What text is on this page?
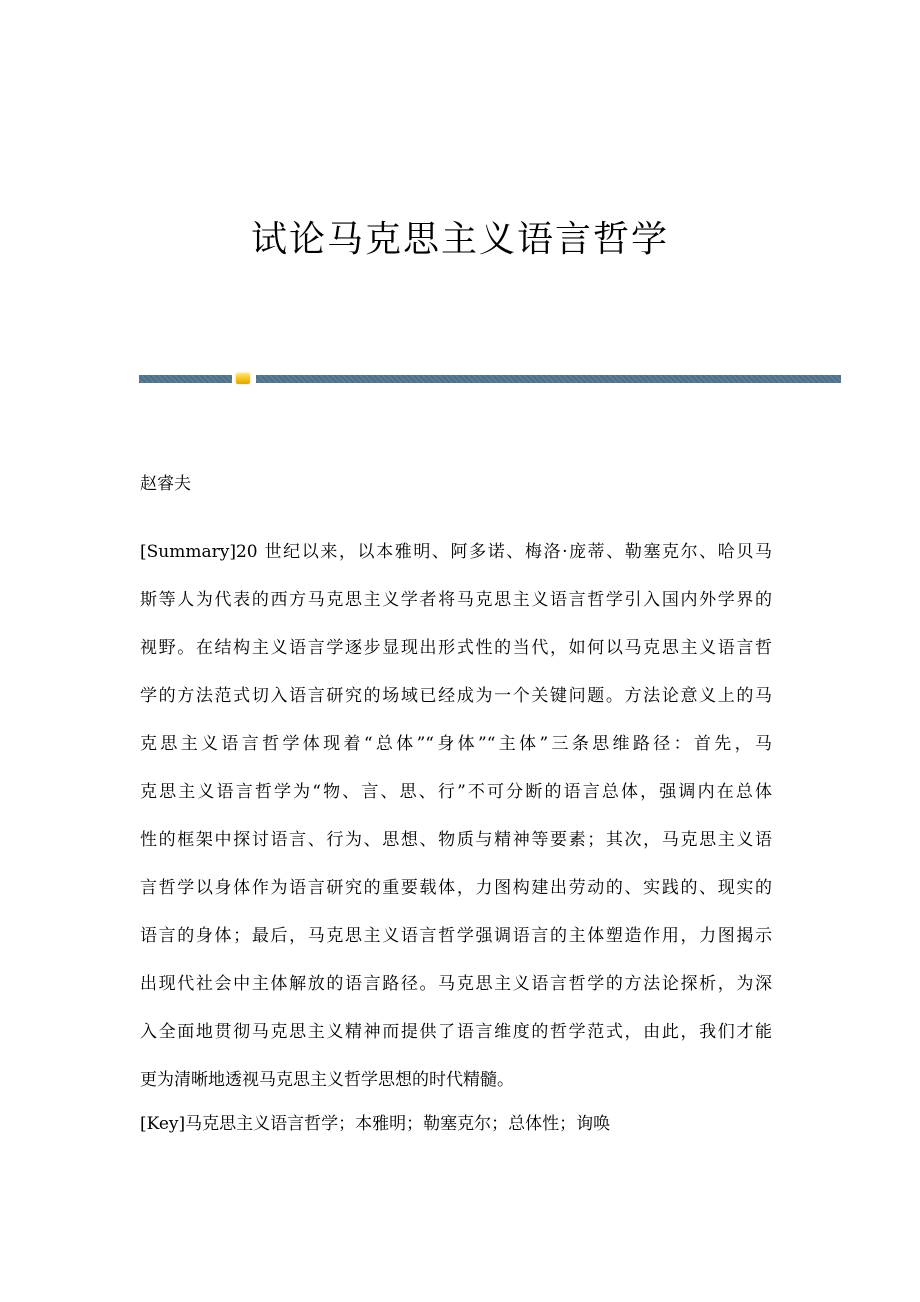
试论马克思主义语言哲学

赵睿夫

[Summary]20 世纪以来，以本雅明、阿多诺、梅洛·庞蒂、勒塞克尔、哈贝马
斯等人为代表的西方马克思主义学者将马克思主义语言哲学引入国内外学界的
视野。在结构主义语言学逐步显现出形式性的当代，如何以马克思主义语言哲
学的方法范式切入语言研究的场域已经成为一个关键问题。方法论意义上的马
克思主义语言哲学体现着“总体”“身体”“主体”三条思维路径：首先，马
克思主义语言哲学为“物、言、思、行”不可分断的语言总体，强调内在总体
性的框架中探讨语言、行为、思想、物质与精神等要素；其次，马克思主义语
言哲学以身体作为语言研究的重要载体，力图构建出劳动的、实践的、现实的
语言的身体；最后，马克思主义语言哲学强调语言的主体塑造作用，力图揭示
出现代社会中主体解放的语言路径。马克思主义语言哲学的方法论探析，为深
入全面地贯彻马克思主义精神而提供了语言维度的哲学范式，由此，我们才能
更为清晰地透视马克思主义哲学思想的时代精髓。

[Key]马克思主义语言哲学；本雅明；勒塞克尔；总体性；询唤
